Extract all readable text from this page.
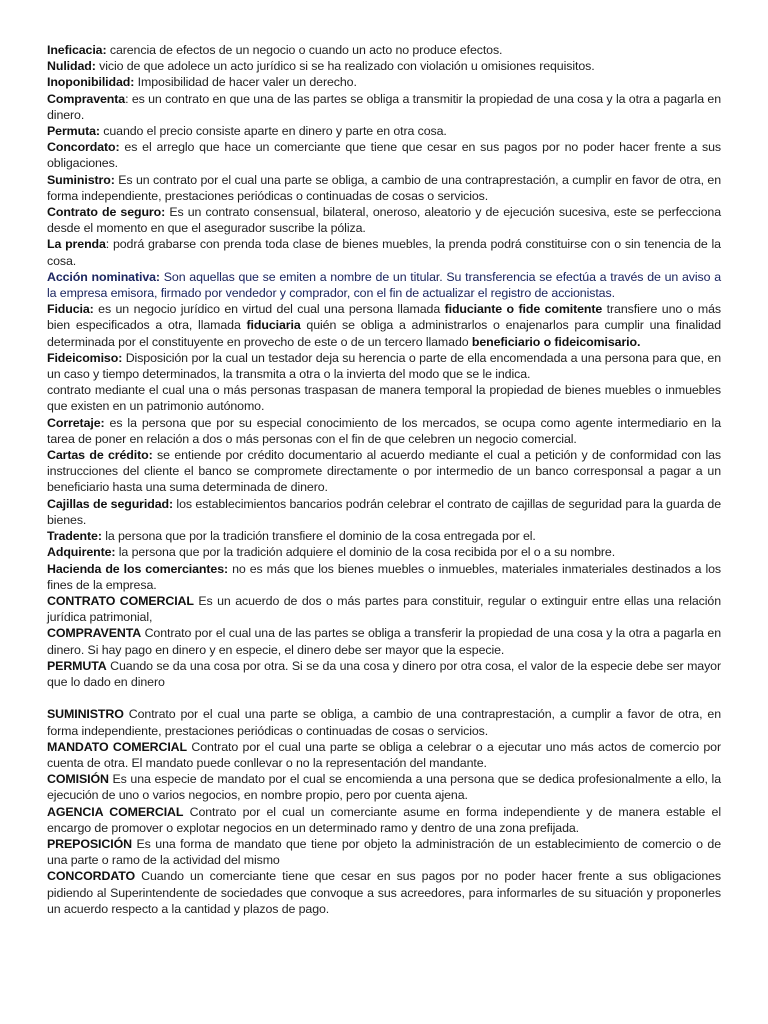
Ineficacia: carencia de efectos de un negocio o cuando un acto no produce efectos.

Nulidad: vicio de que adolece un acto jurídico si se ha realizado con violación u omisiones requisitos.

Inoponibilidad: Imposibilidad de hacer valer un derecho.

Compraventa: es un contrato en que una de las partes se obliga a transmitir la propiedad de una cosa y la otra a pagarla en dinero.

Permuta: cuando el precio consiste aparte en dinero y parte en otra cosa.

Concordato: es el arreglo que hace un comerciante que tiene que cesar en sus pagos por no poder hacer frente a sus obligaciones.

Suministro: Es un contrato por el cual una parte se obliga, a cambio de una contraprestación, a cumplir en favor de otra, en forma independiente, prestaciones periódicas o continuadas de cosas o servicios.

Contrato de seguro: Es un contrato consensual, bilateral, oneroso, aleatorio y de ejecución sucesiva, este se perfecciona desde el momento en que el asegurador suscribe la póliza.

La prenda: podrá grabarse con prenda toda clase de bienes muebles, la prenda podrá constituirse con o sin tenencia de la cosa.

Acción nominativa: Son aquellas que se emiten a nombre de un titular. Su transferencia se efectúa a través de un aviso a la empresa emisora, firmado por vendedor y comprador, con el fin de actualizar el registro de accionistas.

Fiducia: es un negocio jurídico en virtud del cual una persona llamada fiduciante o fide comitente transfiere uno o más bien especificados a otra, llamada fiduciaria quién se obliga a administrarlos o enajenarlos para cumplir una finalidad determinada por el constituyente en provecho de este o de un tercero llamado beneficiario o fideicomisario.

Fideicomiso: Disposición por la cual un testador deja su herencia o parte de ella encomendada a una persona para que, en un caso y tiempo determinados, la transmita a otra o la invierta del modo que se le indica.

contrato mediante el cual una o más personas traspasan de manera temporal la propiedad de bienes muebles o inmuebles que existen en un patrimonio autónomo.

Corretaje: es la persona que por su especial conocimiento de los mercados, se ocupa como agente intermediario en la tarea de poner en relación a dos o más personas con el fin de que celebren un negocio comercial.

Cartas de crédito: se entiende por crédito documentario al acuerdo mediante el cual a petición y de conformidad con las instrucciones del cliente el banco se compromete directamente o por intermedio de un banco corresponsal a pagar a un beneficiario hasta una suma determinada de dinero.

Cajillas de seguridad: los establecimientos bancarios podrán celebrar el contrato de cajillas de seguridad para la guarda de bienes.

Tradente: la persona que por la tradición transfiere el dominio de la cosa entregada por el.

Adquirente: la persona que por la tradición adquiere el dominio de la cosa recibida por el o a su nombre.

Hacienda de los comerciantes: no es más que los bienes muebles o inmuebles, materiales inmateriales destinados a los fines de la empresa.

CONTRATO COMERCIAL Es un acuerdo de dos o más partes para constituir, regular o extinguir entre ellas una relación jurídica patrimonial,

COMPRAVENTA Contrato por el cual una de las partes se obliga a transferir la propiedad de una cosa y la otra a pagarla en dinero. Si hay pago en dinero y en especie, el dinero debe ser mayor que la especie.

PERMUTA Cuando se da una cosa por otra. Si se da una cosa y dinero por otra cosa, el valor de la especie debe ser mayor que lo dado en dinero

SUMINISTRO Contrato por el cual una parte se obliga, a cambio de una contraprestación, a cumplir a favor de otra, en forma independiente, prestaciones periódicas o continuadas de cosas o servicios.

MANDATO COMERCIAL Contrato por el cual una parte se obliga a celebrar o a ejecutar uno más actos de comercio por cuenta de otra. El mandato puede conllevar o no la representación del mandante.

COMISIÓN Es una especie de mandato por el cual se encomienda a una persona que se dedica profesionalmente a ello, la ejecución de uno o varios negocios, en nombre propio, pero por cuenta ajena.

AGENCIA COMERCIAL Contrato por el cual un comerciante asume en forma independiente y de manera estable el encargo de promover o explotar negocios en un determinado ramo y dentro de una zona prefijada.

PREPOSICIÓN Es una forma de mandato que tiene por objeto la administración de un establecimiento de comercio o de una parte o ramo de la actividad del mismo

CONCORDATO Cuando un comerciante tiene que cesar en sus pagos por no poder hacer frente a sus obligaciones pidiendo al Superintendente de sociedades que convoque a sus acreedores, para informarles de su situación y proponerles un acuerdo respecto a la cantidad y plazos de pago.
